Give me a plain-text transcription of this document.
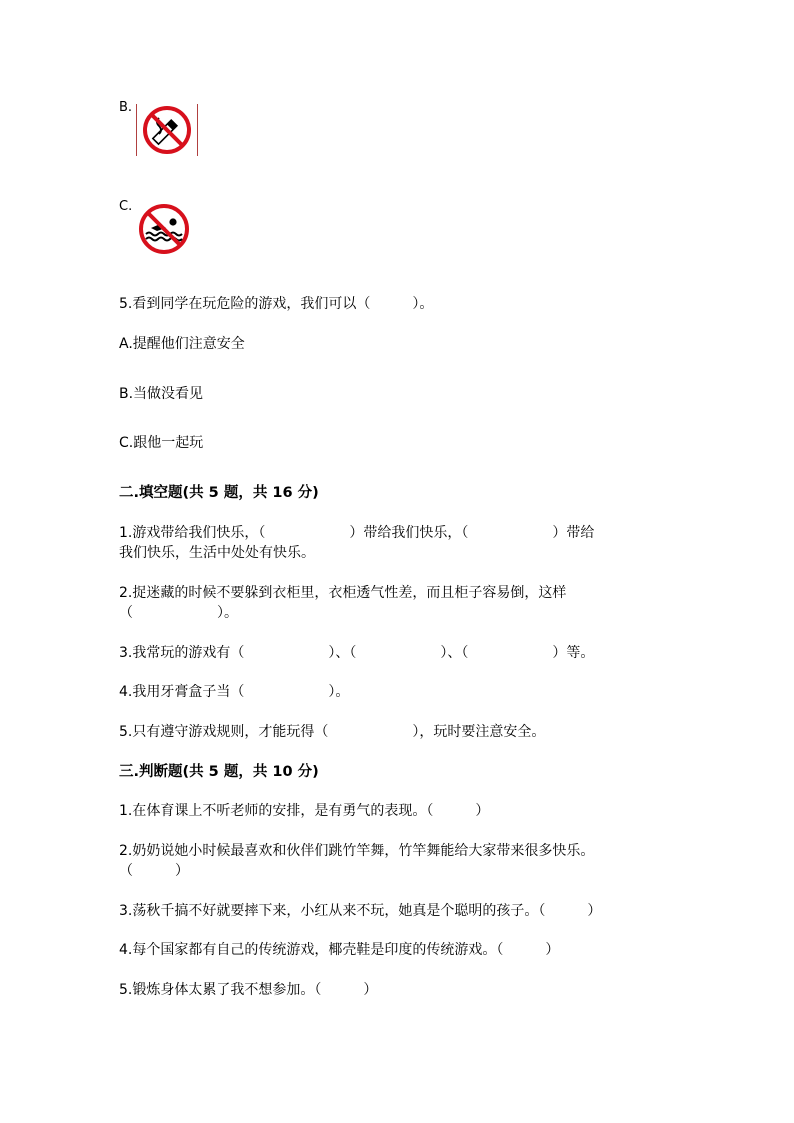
B.
C.
5.看到同学在玩危险的游戏，我们可以（　　　）。
A.提醒他们注意安全
B.当做没看见
C.跟他一起玩
二.填空题(共 5 题，共 16 分)
1.游戏带给我们快乐，（　　　　　　）带给我们快乐，（　　　　　　）带给
我们快乐，生活中处处有快乐。
2.捉迷藏的时候不要躲到衣柜里，衣柜透气性差，而且柜子容易倒，这样
（　　　　　　）。
3.我常玩的游戏有（　　　　　　）、（　　　　　　）、（　　　　　　）等。
4.我用牙膏盒子当（　　　　　　）。
5.只有遵守游戏规则，才能玩得（　　　　　　），玩时要注意安全。
三.判断题(共 5 题，共 10 分)
1.在体育课上不听老师的安排，是有勇气的表现。（　　　）
2.奶奶说她小时候最喜欢和伙伴们跳竹竿舞，竹竿舞能给大家带来很多快乐。
（　　　）
3.荡秋千搞不好就要摔下来，小红从来不玩，她真是个聪明的孩子。（　　　）
4.每个国家都有自己的传统游戏，椰壳鞋是印度的传统游戏。（　　　）
5.锻炼身体太累了我不想参加。（　　　）
